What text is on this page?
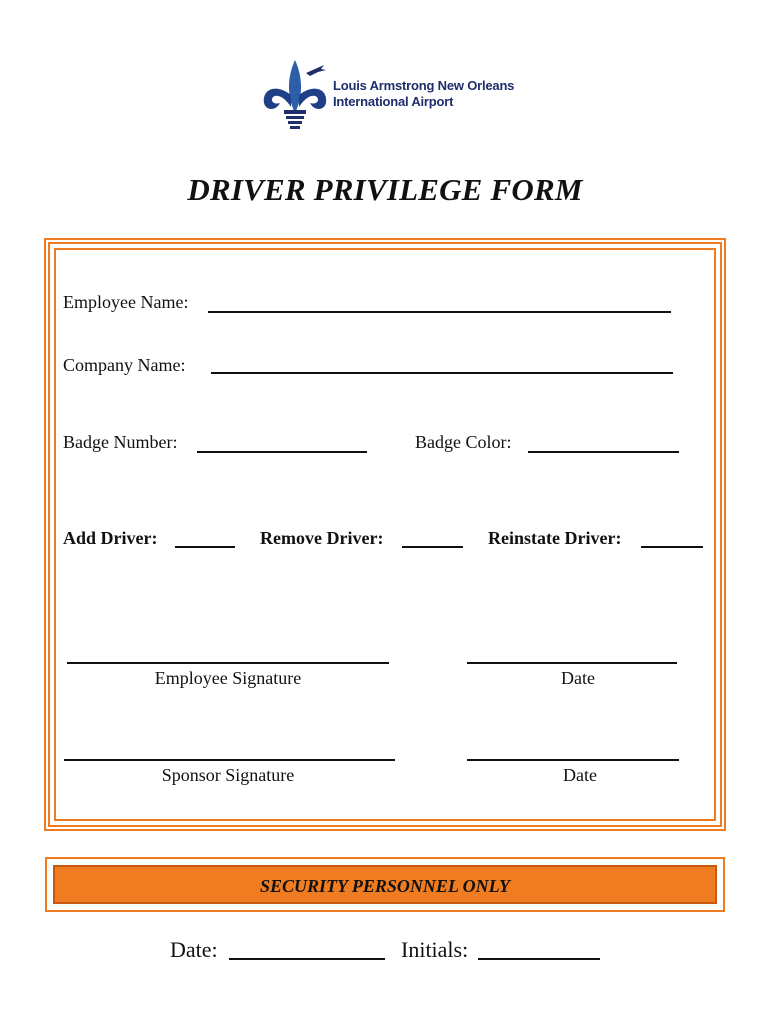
Louis Armstrong New Orleans
International Airport
DRIVER PRIVILEGE FORM
Employee Name:
Company Name:
Badge Number:	Badge Color:
Add Driver:	Remove Driver:	Reinstate Driver:
Employee Signature	Date
Sponsor Signature	Date
SECURITY PERSONNEL ONLY
Date:	Initials:
